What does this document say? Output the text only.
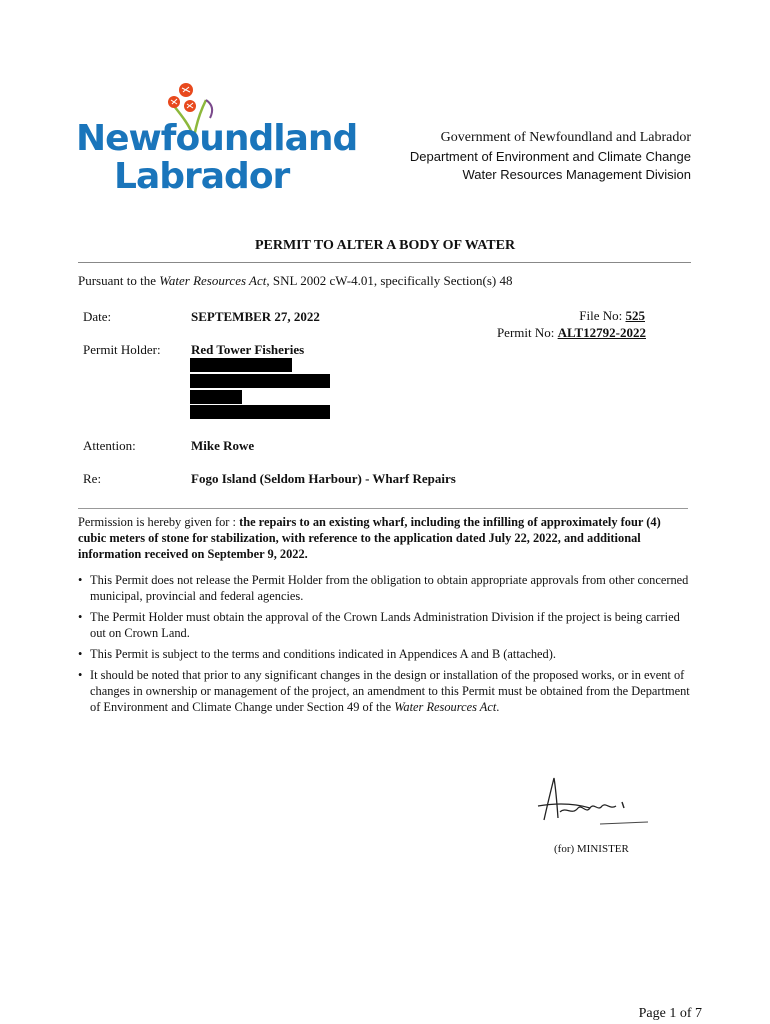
Newfoundland
Labrador
Government of Newfoundland and Labrador
Department of Environment and Climate Change
Water Resources Management Division
PERMIT TO ALTER A BODY OF WATER
Pursuant to the Water Resources Act, SNL 2002 cW-4.01, specifically Section(s) 48
Date:	SEPTEMBER 27, 2022	File No: 525
Permit No: ALT12792-2022
Permit Holder: Red Tower Fisheries
Attention:	Mike Rowe
Re:	Fogo Island (Seldom Harbour) - Wharf Repairs
Permission is hereby given for : the repairs to an existing wharf, including the infilling of approximately four (4) cubic meters of stone for stabilization, with reference to the application dated July 22, 2022, and additional information received on September 9, 2022.
• This Permit does not release the Permit Holder from the obligation to obtain appropriate approvals from other concerned municipal, provincial and federal agencies.
• The Permit Holder must obtain the approval of the Crown Lands Administration Division if the project is being carried out on Crown Land.
• This Permit is subject to the terms and conditions indicated in Appendices A and B (attached).
• It should be noted that prior to any significant changes in the design or installation of the proposed works, or in event of changes in ownership or management of the project, an amendment to this Permit must be obtained from the Department of Environment and Climate Change under Section 49 of the Water Resources Act.
(for) MINISTER
Page 1 of 7
